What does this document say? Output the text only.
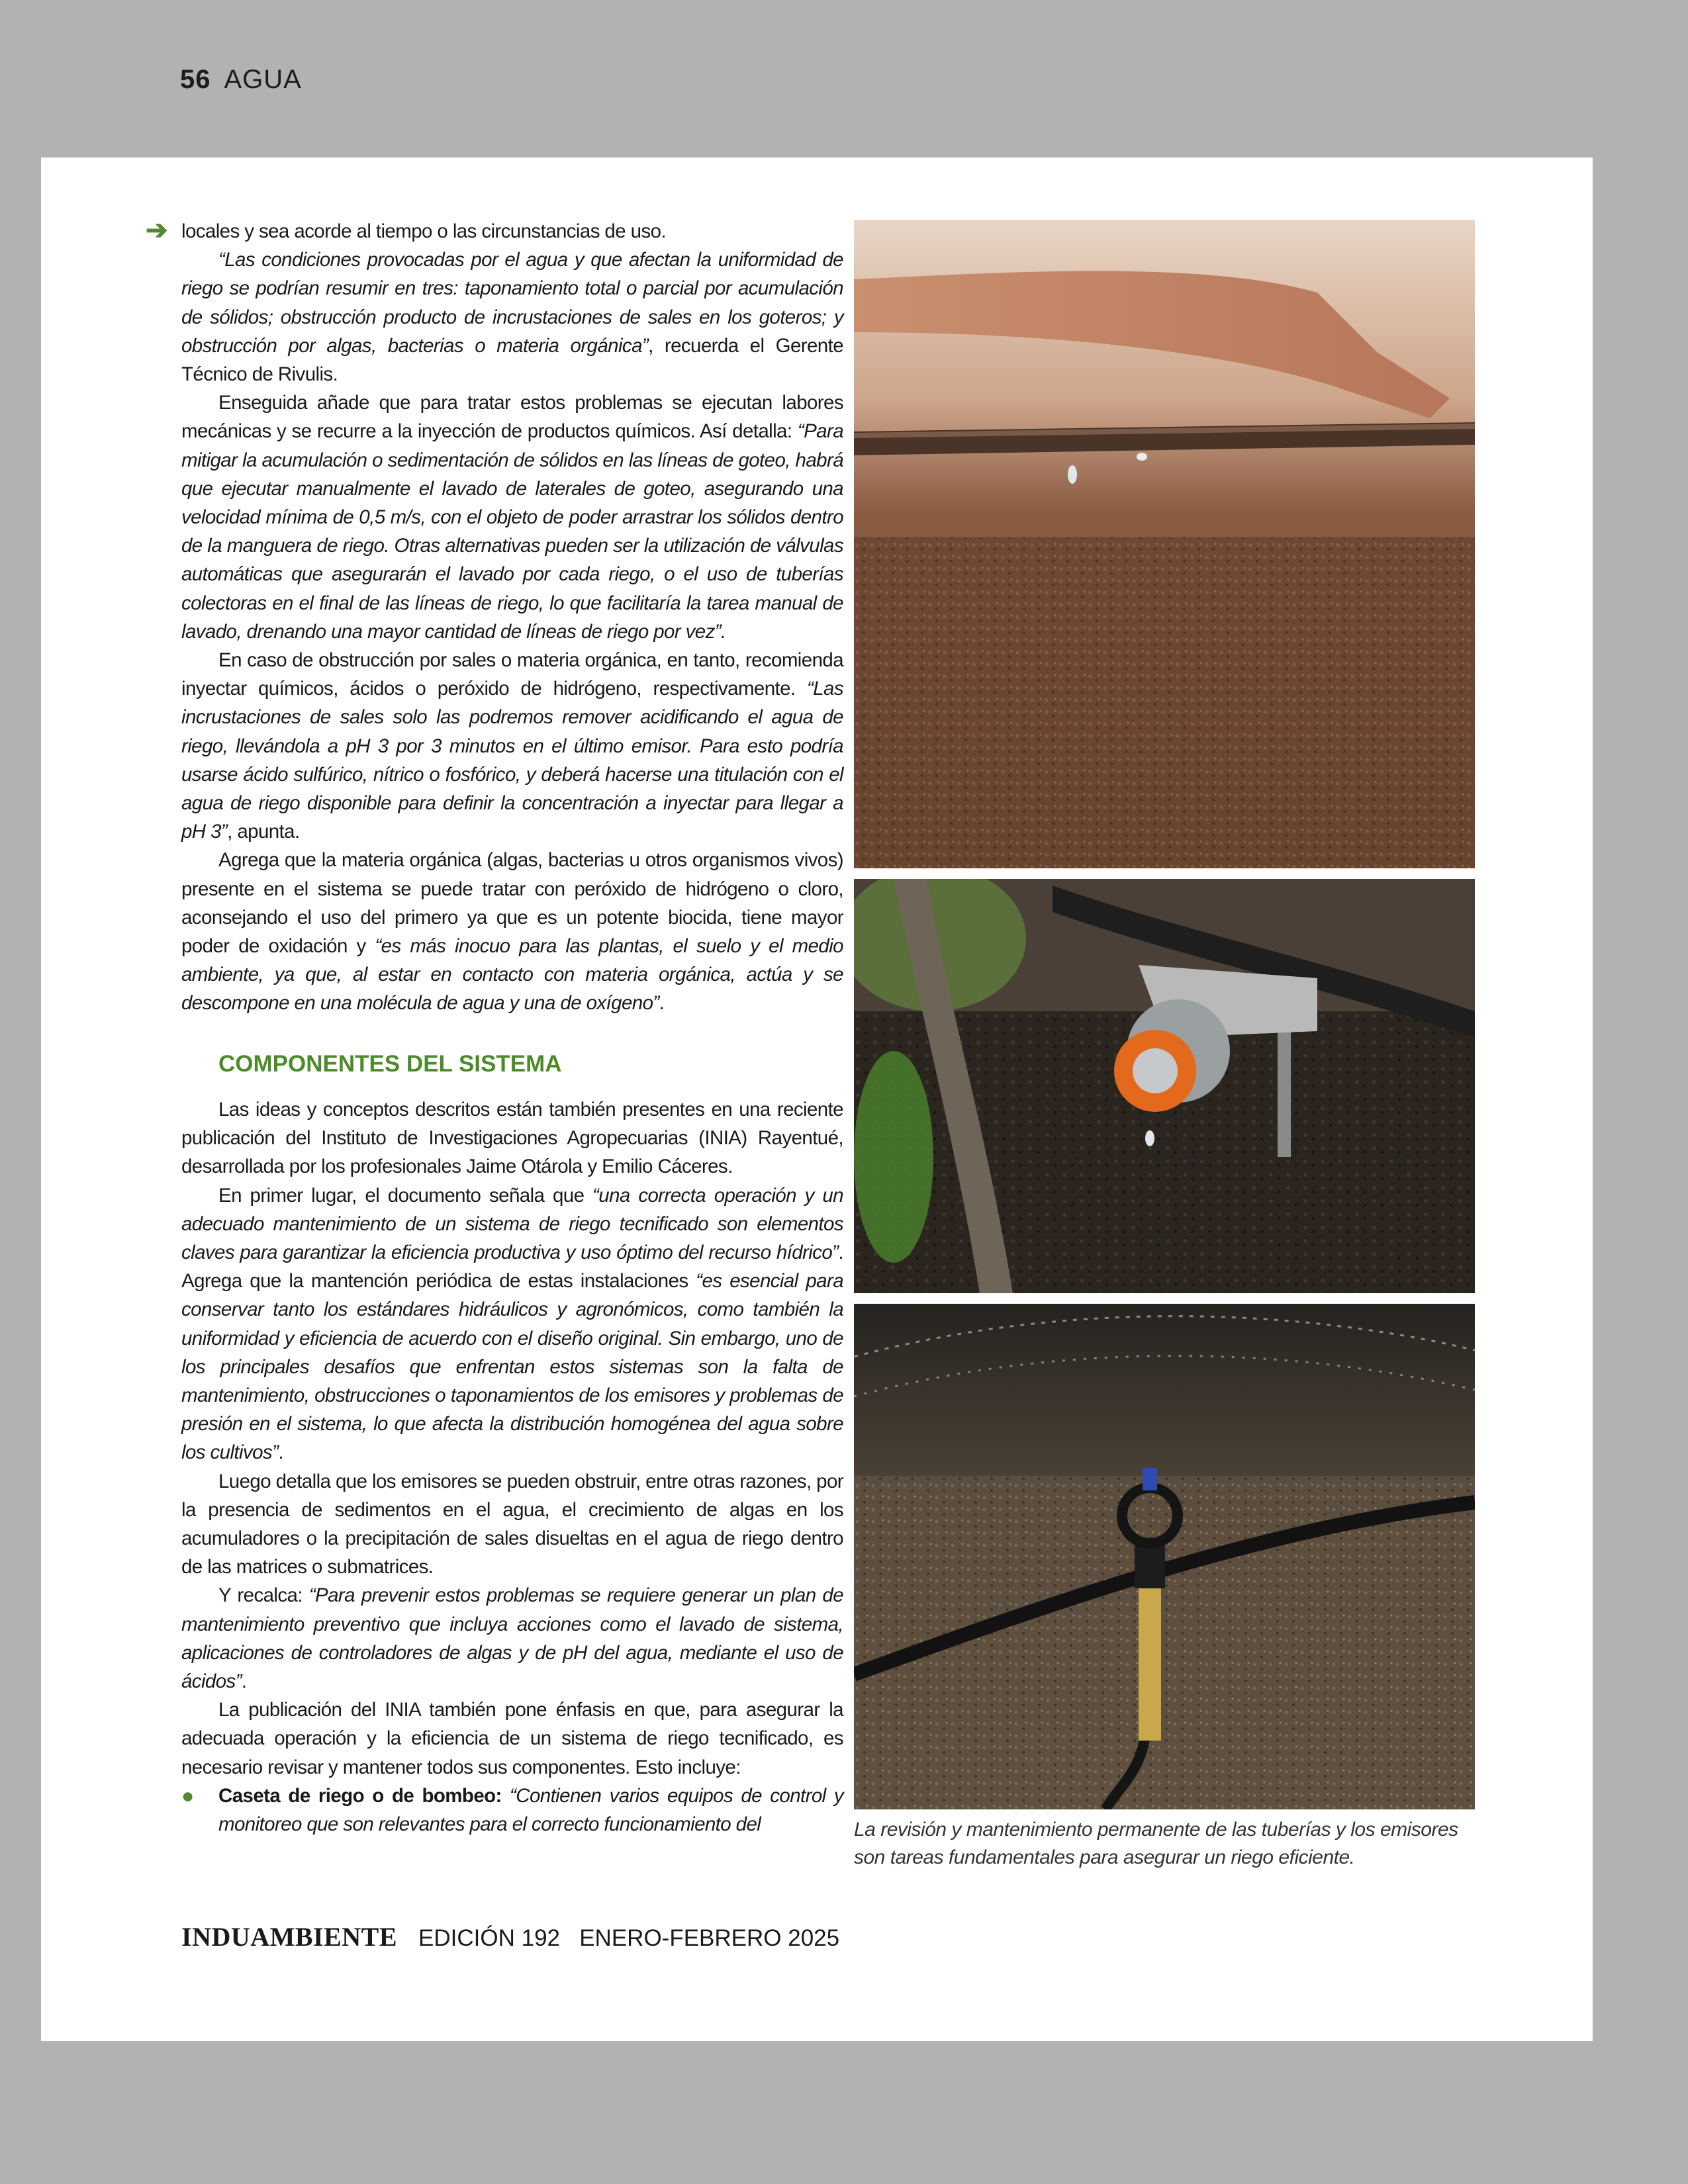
56 AGUA
➔ locales y sea acorde al tiempo o las circunstancias de uso.

“Las condiciones provocadas por el agua y que afectan la uniformidad de riego se podrían resumir en tres: taponamiento total o parcial por acumulación de sólidos; obstrucción producto de incrustaciones de sales en los goteros; y obstrucción por algas, bacterias o materia orgánica”, recuerda el Gerente Técnico de Rivulis.

Enseguida añade que para tratar estos problemas se ejecutan labores mecánicas y se recurre a la inyección de productos químicos. Así detalla: “Para mitigar la acumulación o sedimentación de sólidos en las líneas de goteo, habrá que ejecutar manualmente el lavado de laterales de goteo, asegurando una velocidad mínima de 0,5 m/s, con el objeto de poder arrastrar los sólidos dentro de la manguera de riego. Otras alternativas pueden ser la utilización de válvulas automáticas que asegurarán el lavado por cada riego, o el uso de tuberías colectoras en el final de las líneas de riego, lo que facilitaría la tarea manual de lavado, drenando una mayor cantidad de líneas de riego por vez”.

En caso de obstrucción por sales o materia orgánica, en tanto, recomienda inyectar químicos, ácidos o peróxido de hidrógeno, respectivamente. “Las incrustaciones de sales solo las podremos remover acidificando el agua de riego, llevándola a pH 3 por 3 minutos en el último emisor. Para esto podría usarse ácido sulfúrico, nítrico o fosfórico, y deberá hacerse una titulación con el agua de riego disponible para definir la concentración a inyectar para llegar a pH 3”, apunta.

Agrega que la materia orgánica (algas, bacterias u otros organismos vivos) presente en el sistema se puede tratar con peróxido de hidrógeno o cloro, aconsejando el uso del primero ya que es un potente biocida, tiene mayor poder de oxidación y “es más inocuo para las plantas, el suelo y el medio ambiente, ya que, al estar en contacto con materia orgánica, actúa y se descompone en una molécula de agua y una de oxígeno”.

COMPONENTES DEL SISTEMA

Las ideas y conceptos descritos están también presentes en una reciente publicación del Instituto de Investigaciones Agropecuarias (INIA) Rayentué, desarrollada por los profesionales Jaime Otárola y Emilio Cáceres.

En primer lugar, el documento señala que “una correcta operación y un adecuado mantenimiento de un sistema de riego tecnificado son elementos claves para garantizar la eficiencia productiva y uso óptimo del recurso hídrico”. Agrega que la mantención periódica de estas instalaciones “es esencial para conservar tanto los estándares hidráulicos y agronómicos, como también la uniformidad y eficiencia de acuerdo con el diseño original. Sin embargo, uno de los principales desafíos que enfrentan estos sistemas son la falta de mantenimiento, obstrucciones o taponamientos de los emisores y problemas de presión en el sistema, lo que afecta la distribución homogénea del agua sobre los cultivos”.

Luego detalla que los emisores se pueden obstruir, entre otras razones, por la presencia de sedimentos en el agua, el crecimiento de algas en los acumuladores o la precipitación de sales disueltas en el agua de riego dentro de las matrices o submatrices.

Y recalca: “Para prevenir estos problemas se requiere generar un plan de mantenimiento preventivo que incluya acciones como el lavado de sistema, aplicaciones de controladores de algas y de pH del agua, mediante el uso de ácidos”.

La publicación del INIA también pone énfasis en que, para asegurar la adecuada operación y la eficiencia de un sistema de riego tecnificado, es necesario revisar y mantener todos sus componentes. Esto incluye:

● Caseta de riego o de bombeo: “Contienen varios equipos de control y monitoreo que son relevantes para el correcto funcionamiento del	La revisión y mantenimiento permanente de las tuberías y los emisores son tareas fundamentales para asegurar un riego eficiente.
INDUAMBIENTE EDICIÓN 192 ENERO-FEBRERO 2025
